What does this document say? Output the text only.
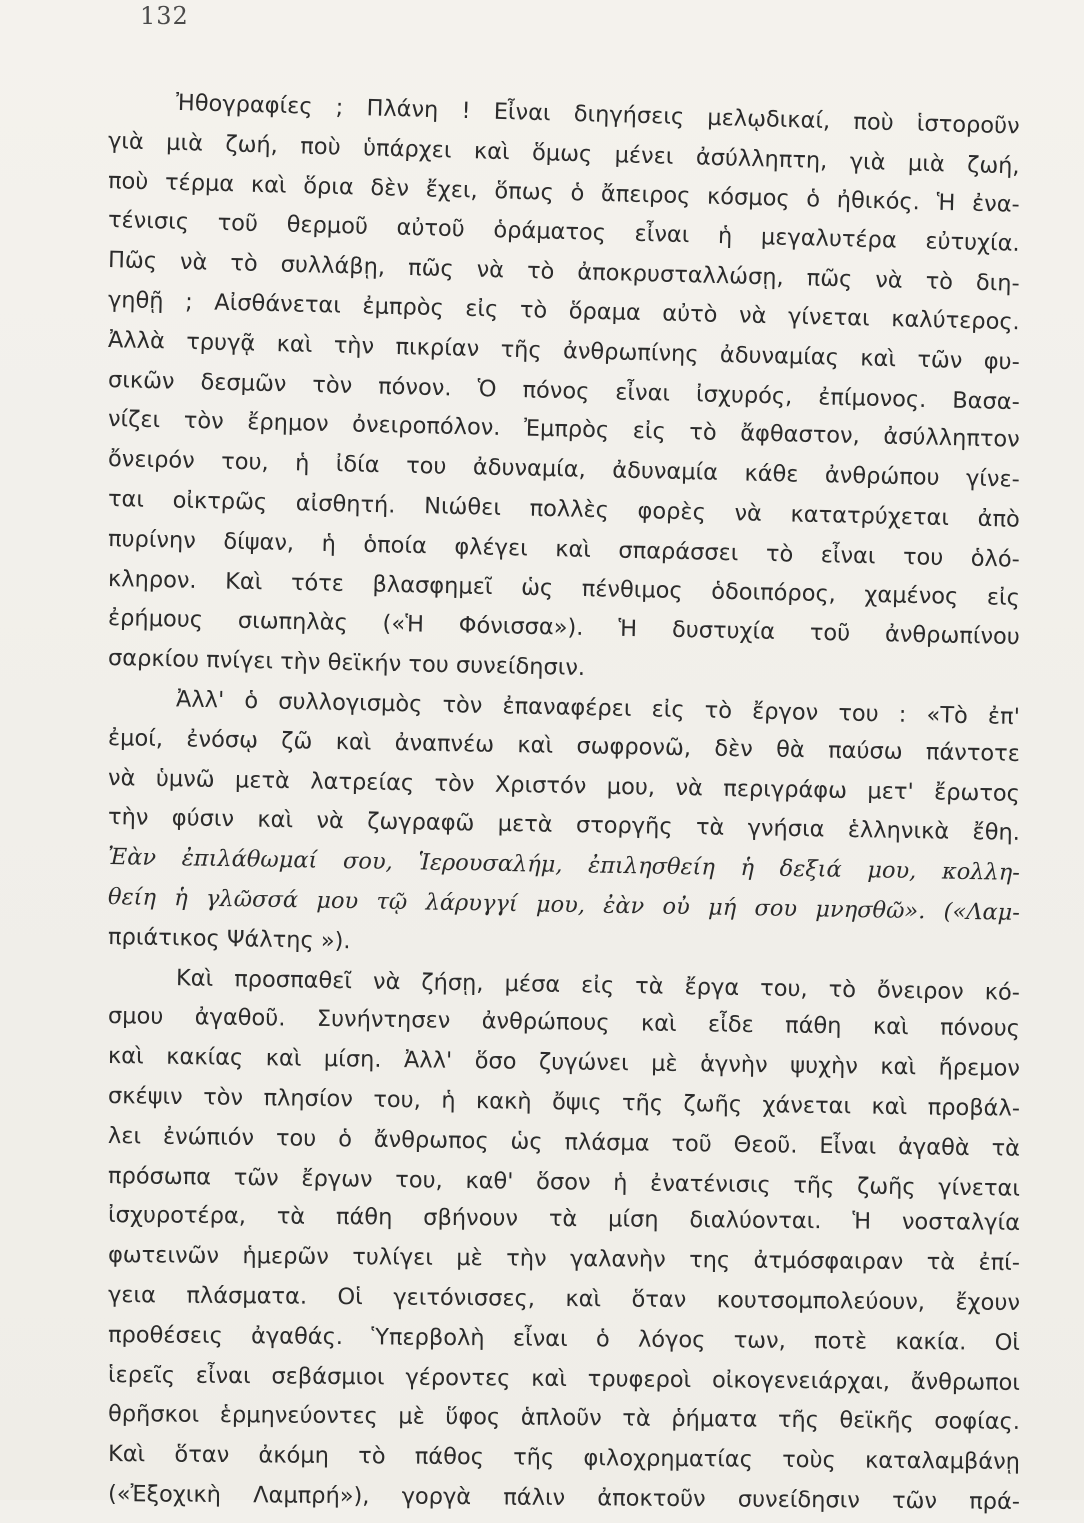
132
Ἠθογραφίες ; Πλάνη ! Εἶναι διηγήσεις μελῳδικαί, ποὺ ἱστοροῦν
γιὰ μιὰ ζωή, ποὺ ὑπάρχει καὶ ὅμως μένει ἀσύλληπτη, γιὰ μιὰ ζωή,
ποὺ τέρμα καὶ ὅρια δὲν ἔχει, ὅπως ὁ ἄπειρος κόσμος ὁ ἠθικός. Ἡ ἐνα-
τένισις τοῦ θερμοῦ αὐτοῦ ὁράματος εἶναι ἡ μεγαλυτέρα εὐτυχία.
Πῶς νὰ τὸ συλλάβῃ, πῶς νὰ τὸ ἀποκρυσταλλώσῃ, πῶς νὰ τὸ διη-
γηθῇ ; Αἰσθάνεται ἐμπρὸς εἰς τὸ ὅραμα αὐτὸ νὰ γίνεται καλύτερος.
Ἀλλὰ τρυγᾷ καὶ τὴν πικρίαν τῆς ἀνθρωπίνης ἀδυναμίας καὶ τῶν φυ-
σικῶν δεσμῶν τὸν πόνον. Ὁ πόνος εἶναι ἰσχυρός, ἐπίμονος. Βασα-
νίζει τὸν ἔρημον ὀνειροπόλον. Ἐμπρὸς εἰς τὸ ἄφθαστον, ἀσύλληπτον
ὄνειρόν του, ἡ ἰδία του ἀδυναμία, ἀδυναμία κάθε ἀνθρώπου γίνε-
ται οἰκτρῶς αἰσθητή. Νιώθει πολλὲς φορὲς νὰ κατατρύχεται ἀπὸ
πυρίνην δίψαν, ἡ ὁποία φλέγει καὶ σπαράσσει τὸ εἶναι του ὁλό-
κληρον. Καὶ τότε βλασφημεῖ ὡς πένθιμος ὁδοιπόρος, χαμένος εἰς
ἐρήμους σιωπηλὰς («Ἡ Φόνισσα»). Ἡ δυστυχία τοῦ ἀνθρωπίνου
σαρκίου πνίγει τὴν θεϊκήν του συνείδησιν.
Ἀλλ' ὁ συλλογισμὸς τὸν ἐπαναφέρει εἰς τὸ ἔργον του : «Τὸ ἐπ'
ἐμοί, ἐνόσῳ ζῶ καὶ ἀναπνέω καὶ σωφρονῶ, δὲν θὰ παύσω πάντοτε
νὰ ὑμνῶ μετὰ λατρείας τὸν Χριστόν μου, νὰ περιγράφω μετ' ἔρωτος
τὴν φύσιν καὶ νὰ ζωγραφῶ μετὰ στοργῆς τὰ γνήσια ἑλληνικὰ ἔθη.
Ἐὰν ἐπιλάθωμαί σου, Ἱερουσαλήμ, ἐπιλησθείη ἡ δεξιά μου, κολλη-
θείη ἡ γλῶσσά μου τῷ λάρυγγί μου, ἐὰν οὐ μή σου μνησθῶ». («Λαμ-
πριάτικος Ψάλτης »).
Καὶ προσπαθεῖ νὰ ζήσῃ, μέσα εἰς τὰ ἔργα του, τὸ ὄνειρον κό-
σμου ἀγαθοῦ. Συνήντησεν ἀνθρώπους καὶ εἶδε πάθη καὶ πόνους
καὶ κακίας καὶ μίση. Ἀλλ' ὅσο ζυγώνει μὲ ἁγνὴν ψυχὴν καὶ ἤρεμον
σκέψιν τὸν πλησίον του, ἡ κακὴ ὄψις τῆς ζωῆς χάνεται καὶ προβάλ-
λει ἐνώπιόν του ὁ ἄνθρωπος ὡς πλάσμα τοῦ Θεοῦ. Εἶναι ἀγαθὰ τὰ
πρόσωπα τῶν ἔργων του, καθ' ὅσον ἡ ἐνατένισις τῆς ζωῆς γίνεται
ἰσχυροτέρα, τὰ πάθη σβήνουν τὰ μίση διαλύονται. Ἡ νοσταλγία
φωτεινῶν ἡμερῶν τυλίγει μὲ τὴν γαλανὴν της ἀτμόσφαιραν τὰ ἐπί-
γεια πλάσματα. Οἱ γειτόνισσες, καὶ ὅταν κουτσομπολεύουν, ἔχουν
προθέσεις ἀγαθάς. Ὑπερβολὴ εἶναι ὁ λόγος των, ποτὲ κακία. Οἱ
ἱερεῖς εἶναι σεβάσμιοι γέροντες καὶ τρυφεροὶ οἰκογενειάρχαι, ἄνθρωποι
θρῆσκοι ἑρμηνεύοντες μὲ ὕφος ἁπλοῦν τὰ ῥήματα τῆς θεϊκῆς σοφίας.
Καὶ ὅταν ἀκόμη τὸ πάθος τῆς φιλοχρηματίας τοὺς καταλαμβάνῃ
(«Ἐξοχικὴ Λαμπρή»), γοργὰ πάλιν ἀποκτοῦν συνείδησιν τῶν πρά-
